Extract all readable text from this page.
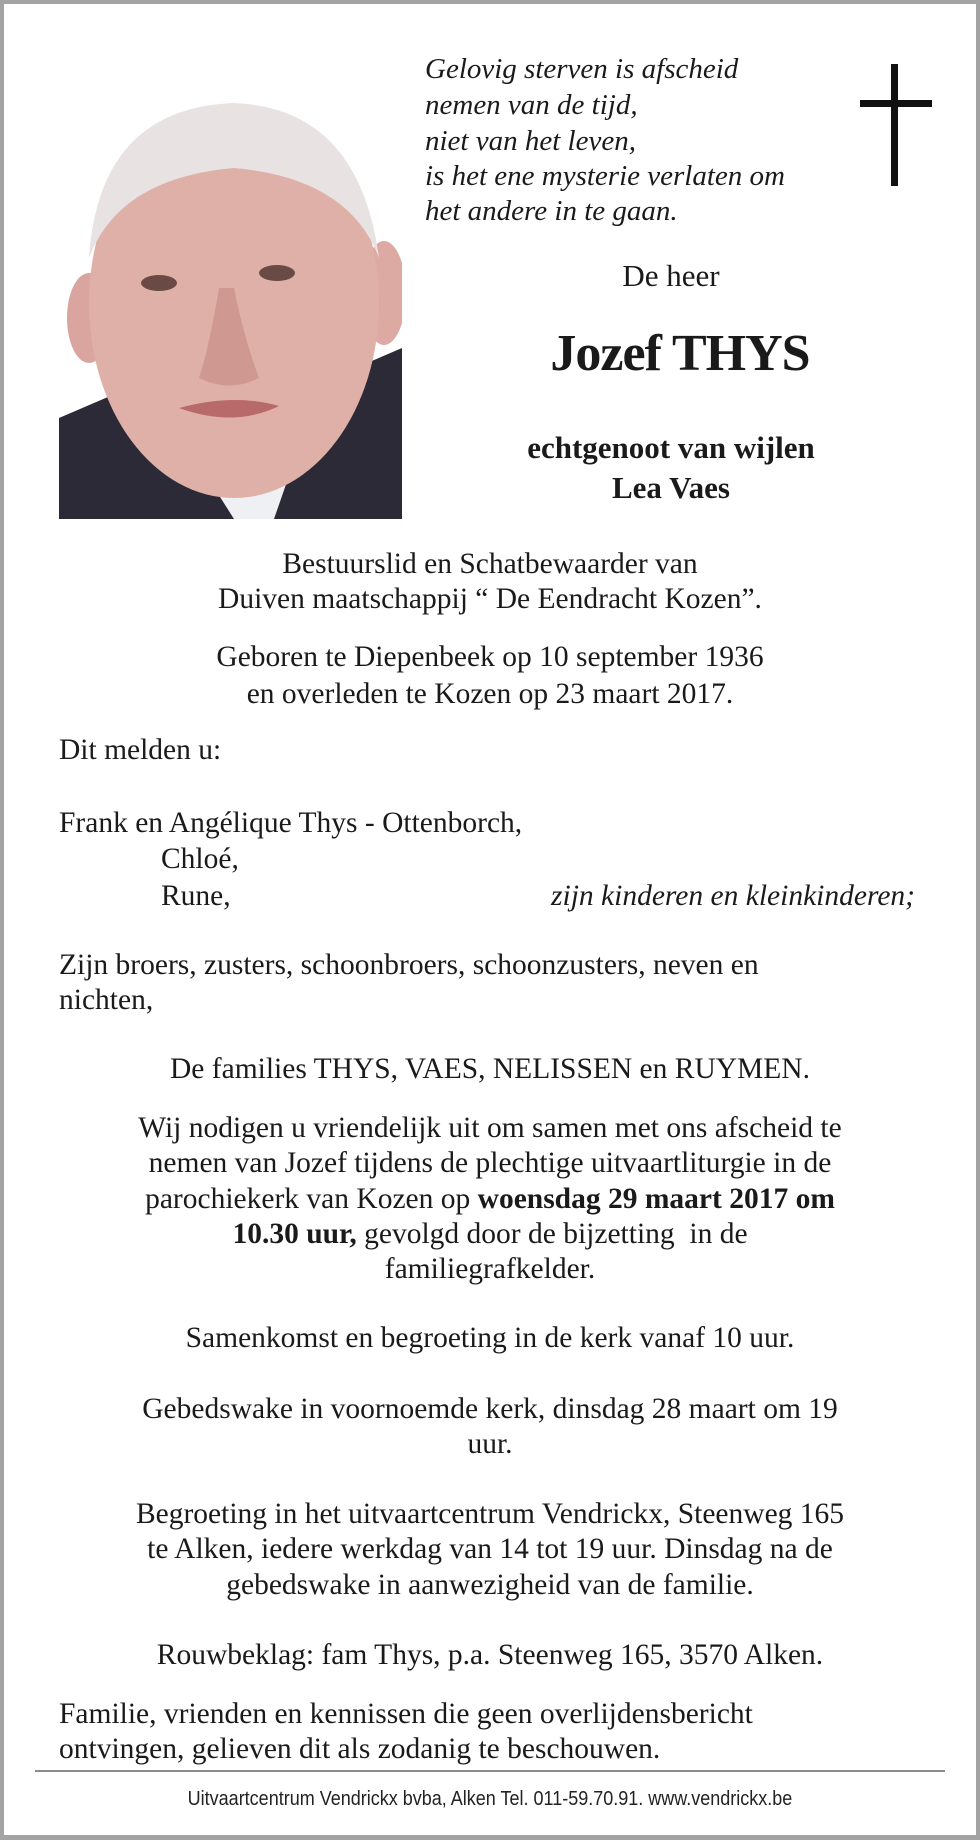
Gelovig sterven is afscheid
nemen van de tijd,
niet van het leven,
is het ene mysterie verlaten om
het andere in te gaan.
De heer
Jozef THYS
echtgenoot van wijlen
Lea Vaes
Bestuurslid en Schatbewaarder van
Duiven maatschappij “ De Eendracht Kozen”.
Geboren te Diepenbeek op 10 september 1936
en overleden te Kozen op 23 maart 2017.
Dit melden u:
Frank en Angélique Thys - Ottenborch,
Chloé,
Rune,	zijn kinderen en kleinkinderen;
Zijn broers, zusters, schoonbroers, schoonzusters, neven en
nichten,
De families THYS, VAES, NELISSEN en RUYMEN.
Wij nodigen u vriendelijk uit om samen met ons afscheid te
nemen van Jozef tijdens de plechtige uitvaartliturgie in de
parochiekerk van Kozen op woensdag 29 maart 2017 om
10.30 uur, gevolgd door de bijzetting  in de
familiegrafkelder.
Samenkomst en begroeting in de kerk vanaf 10 uur.
Gebedswake in voornoemde kerk, dinsdag 28 maart om 19
uur.
Begroeting in het uitvaartcentrum Vendrickx, Steenweg 165
te Alken, iedere werkdag van 14 tot 19 uur. Dinsdag na de
gebedswake in aanwezigheid van de familie.
Rouwbeklag: fam Thys, p.a. Steenweg 165, 3570 Alken.
Familie, vrienden en kennissen die geen overlijdensbericht
ontvingen, gelieven dit als zodanig te beschouwen.
Uitvaartcentrum Vendrickx bvba, Alken Tel. 011-59.70.91. www.vendrickx.be
